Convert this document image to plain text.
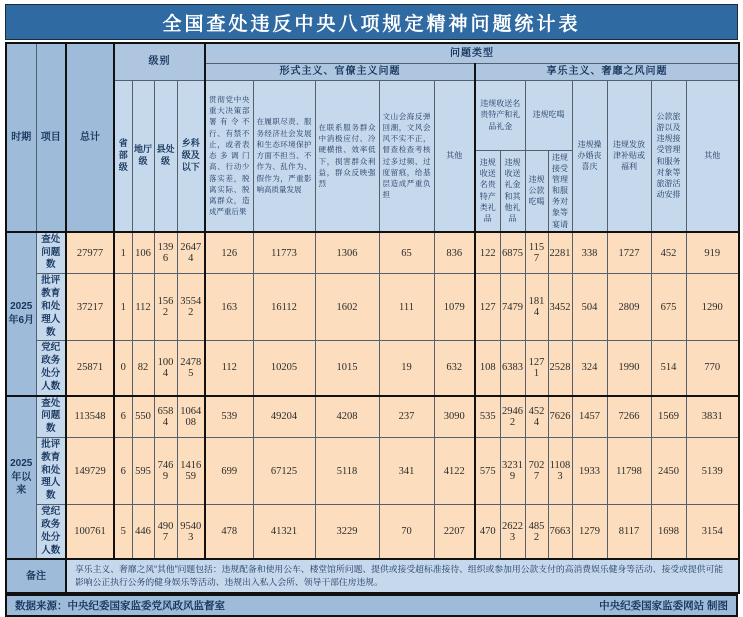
全国查处违反中央八项规定精神问题统计表
时期	项目	总计	级别				问题类型												
							形式主义、官僚主义问题					享乐主义、奢靡之风问题							
			省部级	地厅级	县处级	乡科级及以下	贯彻党中央重大决策部署有令不行、有禁不止，或者表态多调门高、行动少落实差，脱离实际、脱离群众，造成严重后果	在履职尽责、服务经济社会发展和生态环境保护方面不担当、不作为、乱作为、假作为，严重影响高质量发展	在联系服务群众中消极应付、冷硬横推、效率低下，损害群众利益，群众反映强烈	文山会海反弹回潮，文风会风不实不正，督查检查考核过多过频、过度留痕，给基层造成严重负担	其他	违规收送名贵特产和礼品礼金		违规吃喝		违规操办婚丧喜庆	违规发放津补贴或福利	公款旅游以及违规接受管理和服务对象等旅游活动安排	其他
												违规收送名贵特产类礼品	违规收送礼金和其他礼品	违规公款吃喝	违规接受管理和服务对象等宴请				
2025年6月	查处问题数	27977	1	106	1396	26474	126	11773	1306	65	836	122	6875	1157	2281	338	1727	452	919
	批评教育和处理人数	37217	1	112	1562	35542	163	16112	1602	111	1079	127	7479	1814	3452	504	2809	675	1290
	党纪政务处分人数	25871	0	82	1004	24785	112	10205	1015	19	632	108	6383	1271	2528	324	1990	514	770
2025年以来	查处问题数	113548	6	550	6584	106408	539	49204	4208	237	3090	535	29462	4524	7626	1457	7266	1569	3831
	批评教育和处理人数	149729	6	595	7469	141659	699	67125	5118	341	4122	575	32319	7027	11083	1933	11798	2450	5139
	党纪政务处分人数	100761	5	446	4907	95403	478	41321	3229	70	2207	470	26223	4852	7663	1279	8117	1698	3154
备注		享乐主义、奢靡之风“其他”问题包括：违规配备和使用公车、楼堂馆所问题、提供或接受超标准接待、组织或参加用公款支付的高消费娱乐健身等活动、接受或提供可能影响公正执行公务的健身娱乐等活动、违规出入私人会所、领导干部住房违规。																	
数据来源：中央纪委国家监委党风政风监督室	中央纪委国家监委网站 制图
